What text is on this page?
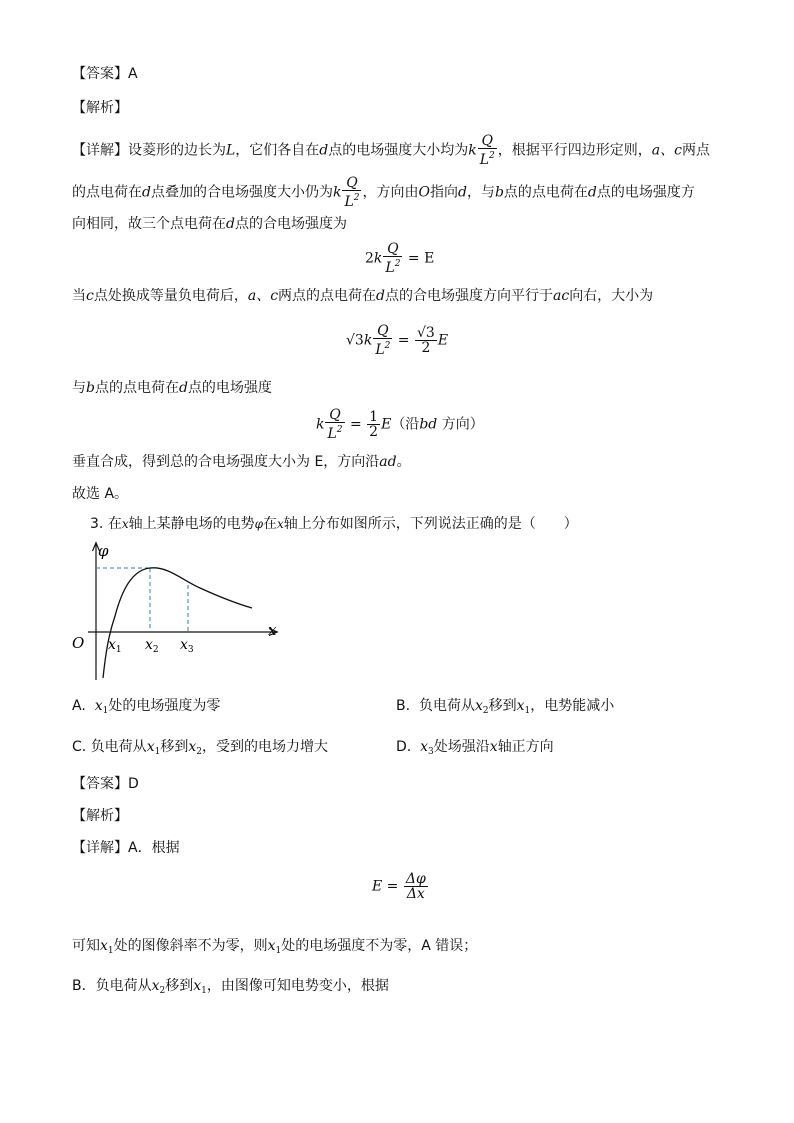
【答案】A
【解析】
【详解】设菱形的边长为L，它们各自在d点的电场强度大小均为k $\frac{Q}{L^2}$ ，根据平行四边形定则，a、c两点
的点电荷在d点叠加的合电场强度大小仍为k $\frac{Q}{L^2}$ ，方向由O指向d，与b点的点电荷在d点的电场强度方
向相同，故三个点电荷在d点的合电场强度为
$2k \frac{Q}{L^2} = E$
当c点处换成等量负电荷后，a、c两点的点电荷在d点的合电场强度方向平行于ac向右，大小为
$√3k \frac{Q}{L^2} = \frac{√3}{2}$ E
与b点的点电荷在d点的电场强度
k $\frac{Q}{L^2} = \frac{1}{2} E$（沿bd 方向）
垂直合成，得到总的合电场强度大小为 E，方向沿ad。
故选 A。
3. 在x轴上某静电场的电势φ在x轴上分布如图所示，下列说法正确的是（　　）
φ
x
O $x_1$ $x_2$ $x_3$
A. $x_1$处的电场强度为零	B. 负电荷从$x_2$移到$x_1$，电势能减小
C. 负电荷从$x_1$移到$x_2$，受到的电场力增大	D. $x_3$处场强沿x轴正方向
【答案】D
【解析】
【详解】A．根据
$E = \frac{\Delta\varphi}{\Delta x}$
可知$x_1$处的图像斜率不为零，则$x_1$处的电场强度不为零，A 错误；
B．负电荷从$x_2$移到$x_1$，由图像可知电势变小，根据
